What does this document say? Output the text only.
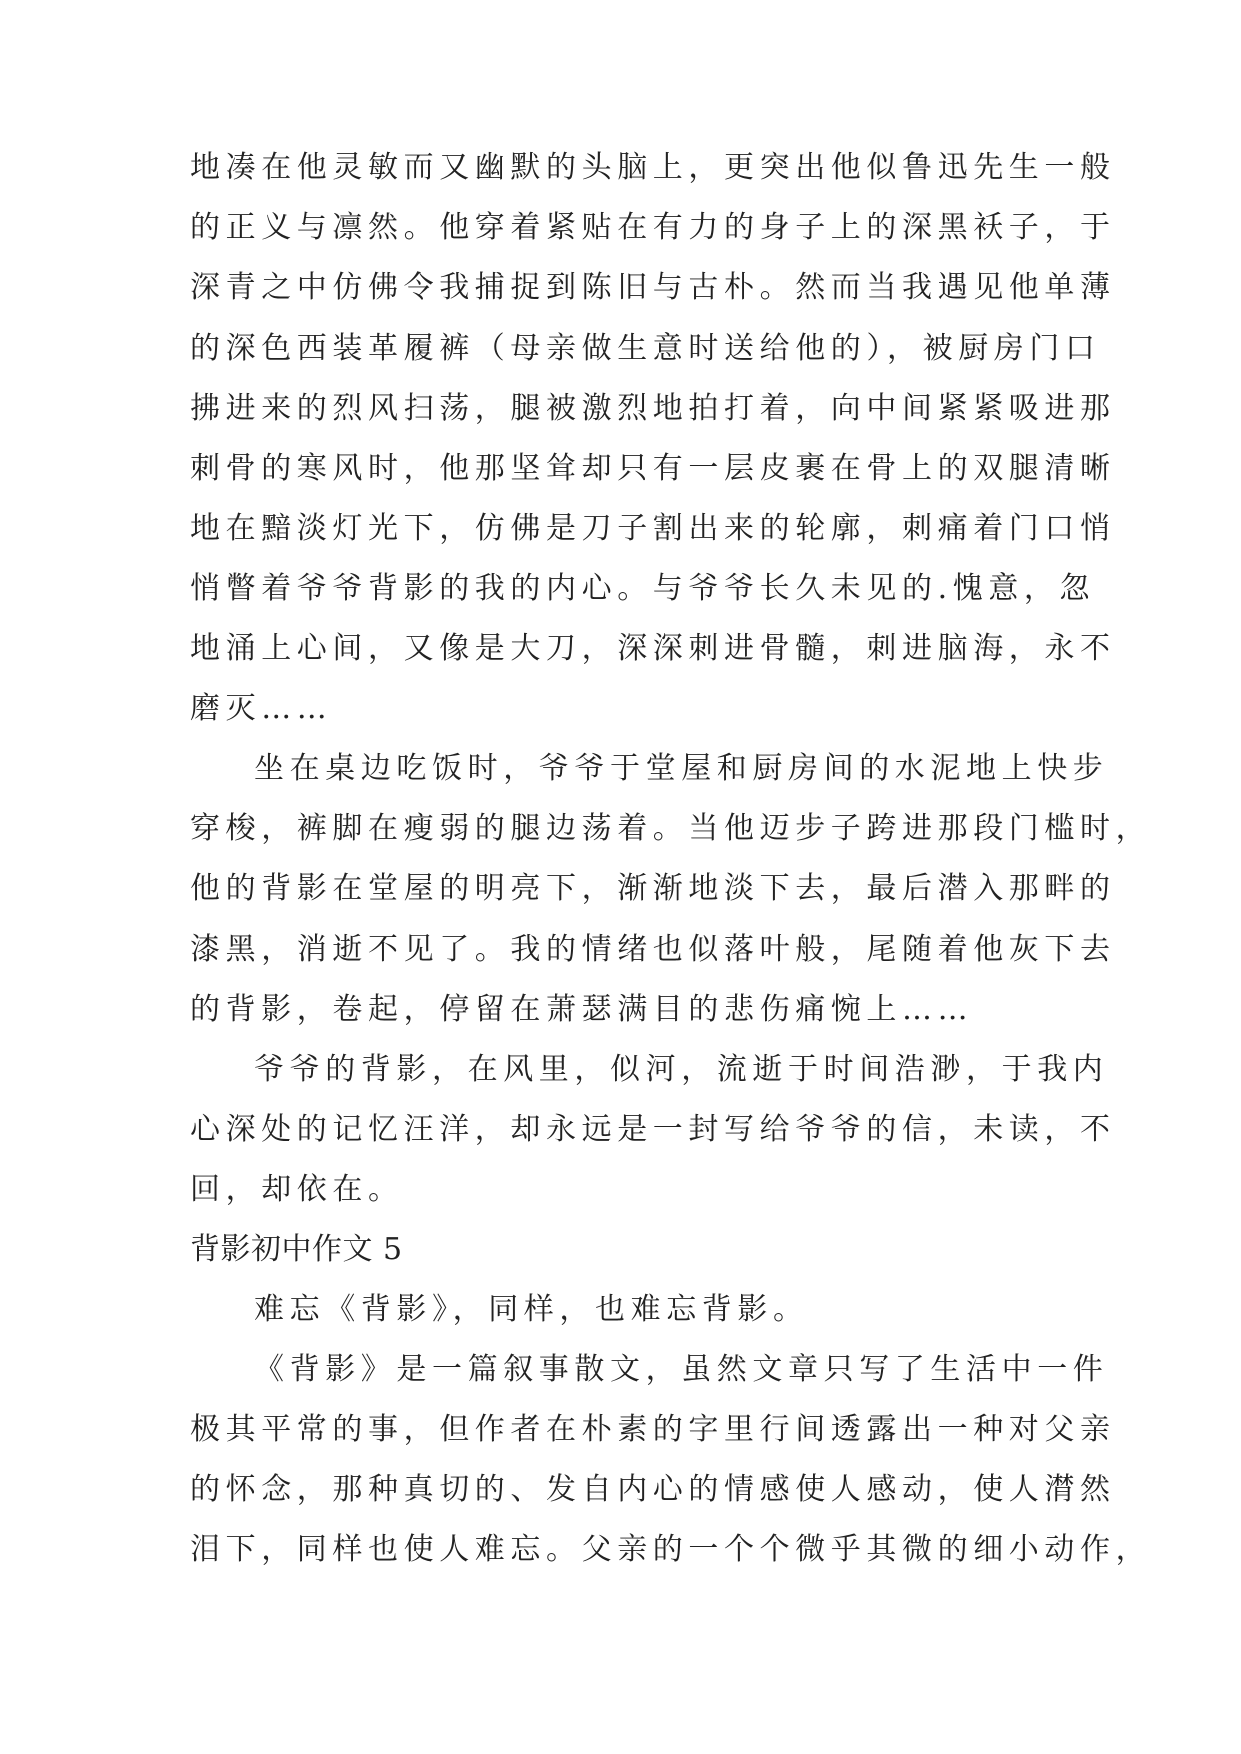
地凑在他灵敏而又幽默的头脑上，更突出他似鲁迅先生一般
的正义与凛然。他穿着紧贴在有力的身子上的深黑袄子，于
深青之中仿佛令我捕捉到陈旧与古朴。然而当我遇见他单薄
的深色西装革履裤（母亲做生意时送给他的），被厨房门口
拂进来的烈风扫荡，腿被激烈地拍打着，向中间紧紧吸进那
刺骨的寒风时，他那坚耸却只有一层皮裹在骨上的双腿清晰
地在黯淡灯光下，仿佛是刀子割出来的轮廓，刺痛着门口悄
悄瞥着爷爷背影的我的内心。与爷爷长久未见的.愧意，忽
地涌上心间，又像是大刀，深深刺进骨髓，刺进脑海，永不
磨灭……
坐在桌边吃饭时，爷爷于堂屋和厨房间的水泥地上快步
穿梭，裤脚在瘦弱的腿边荡着。当他迈步子跨进那段门槛时，
他的背影在堂屋的明亮下，渐渐地淡下去，最后潜入那畔的
漆黑，消逝不见了。我的情绪也似落叶般，尾随着他灰下去
的背影，卷起，停留在萧瑟满目的悲伤痛惋上……
爷爷的背影，在风里，似河，流逝于时间浩渺，于我内
心深处的记忆汪洋，却永远是一封写给爷爷的信，未读，不
回，却依在。
背影初中作文 5
难忘《背影》，同样，也难忘背影。
《背影》是一篇叙事散文，虽然文章只写了生活中一件
极其平常的事，但作者在朴素的字里行间透露出一种对父亲
的怀念，那种真切的、发自内心的情感使人感动，使人潸然
泪下，同样也使人难忘。父亲的一个个微乎其微的细小动作，
